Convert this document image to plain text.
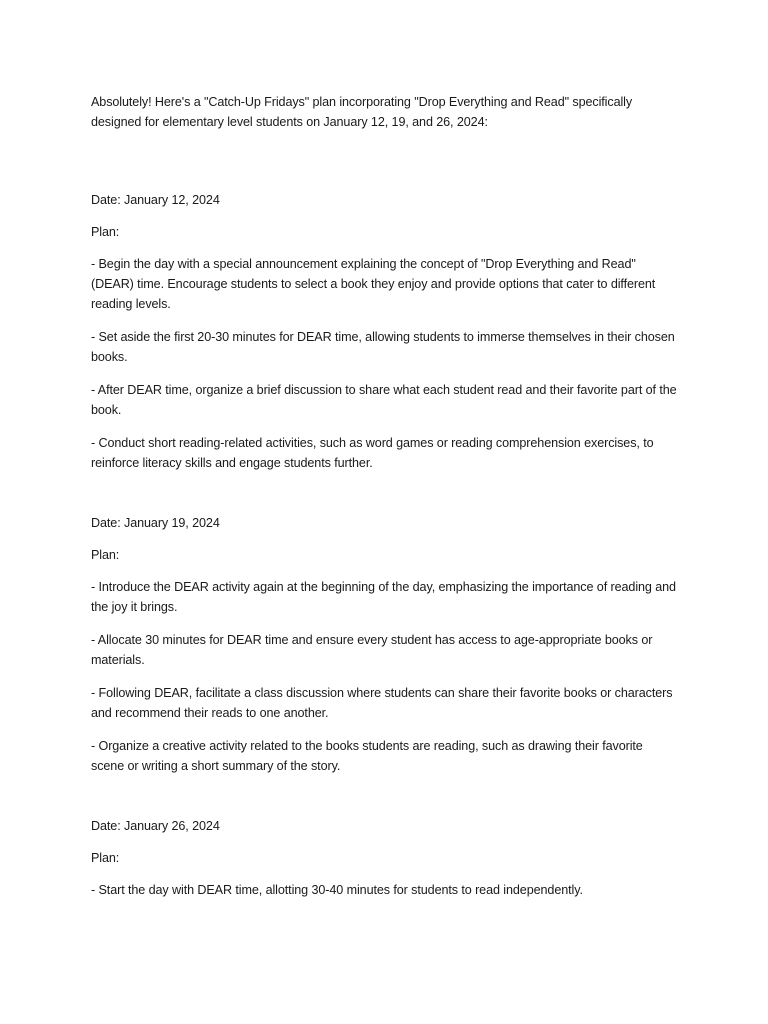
Absolutely! Here's a "Catch-Up Fridays" plan incorporating "Drop Everything and Read" specifically designed for elementary level students on January 12, 19, and 26, 2024:

Date: January 12, 2024

Plan:

- Begin the day with a special announcement explaining the concept of "Drop Everything and Read" (DEAR) time. Encourage students to select a book they enjoy and provide options that cater to different reading levels.

- Set aside the first 20-30 minutes for DEAR time, allowing students to immerse themselves in their chosen books.

- After DEAR time, organize a brief discussion to share what each student read and their favorite part of the book.

- Conduct short reading-related activities, such as word games or reading comprehension exercises, to reinforce literacy skills and engage students further.

Date: January 19, 2024

Plan:

- Introduce the DEAR activity again at the beginning of the day, emphasizing the importance of reading and the joy it brings.

- Allocate 30 minutes for DEAR time and ensure every student has access to age-appropriate books or materials.

- Following DEAR, facilitate a class discussion where students can share their favorite books or characters and recommend their reads to one another.

- Organize a creative activity related to the books students are reading, such as drawing their favorite scene or writing a short summary of the story.

Date: January 26, 2024

Plan:

- Start the day with DEAR time, allotting 30-40 minutes for students to read independently.
